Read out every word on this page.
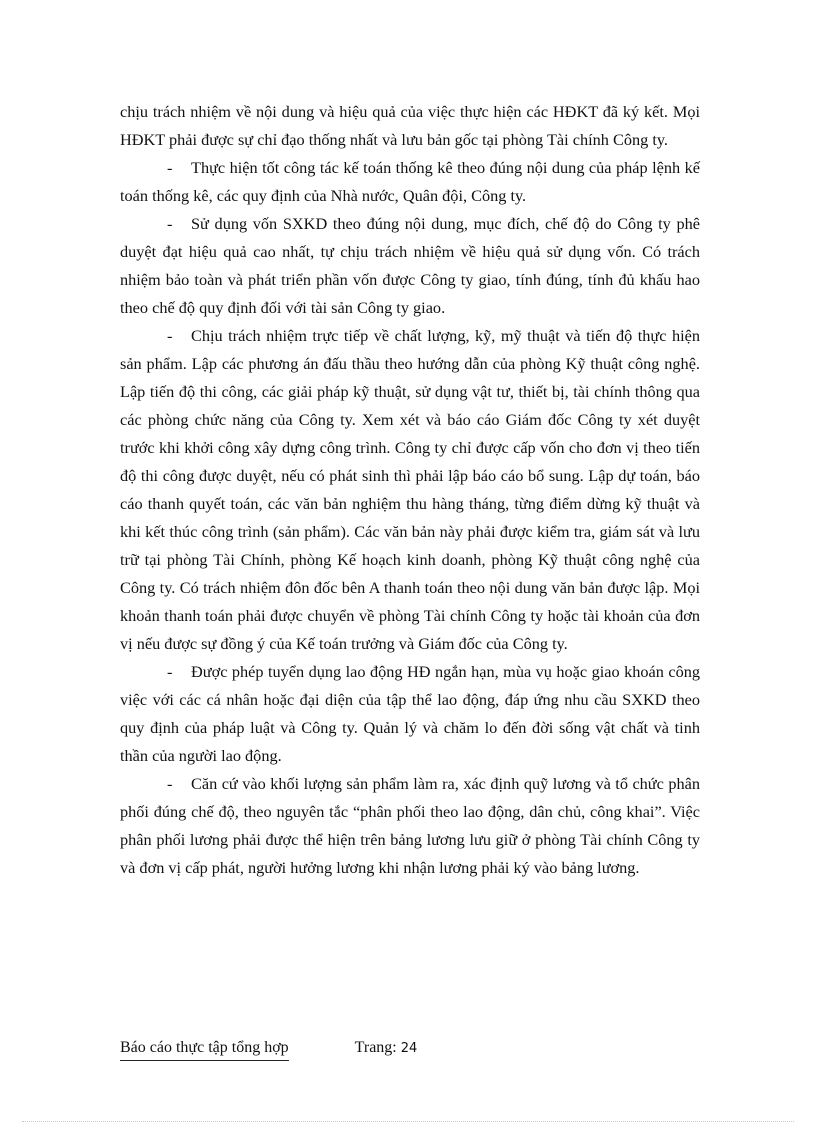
chịu trách nhiệm về nội dung và hiệu quả của việc thực hiện các HĐKT đã ký kết. Mọi HĐKT phải được sự chỉ đạo thống nhất và lưu bản gốc tại phòng Tài chính Công ty.

- Thực hiện tốt công tác kế toán thống kê theo đúng nội dung của pháp lệnh kế toán thống kê, các quy định của Nhà nước, Quân đội, Công ty.

- Sử dụng vốn SXKD theo đúng nội dung, mục đích, chế độ do Công ty phê duyệt đạt hiệu quả cao nhất, tự chịu trách nhiệm về hiệu quả sử dụng vốn. Có trách nhiệm bảo toàn và phát triển phần vốn được Công ty giao, tính đúng, tính đủ khấu hao theo chế độ quy định đối với tài sản Công ty giao.

- Chịu trách nhiệm trực tiếp về chất lượng, kỹ, mỹ thuật và tiến độ thực hiện sản phẩm. Lập các phương án đấu thầu theo hướng dẫn của phòng Kỹ thuật công nghệ. Lập tiến độ thi công, các giải pháp kỹ thuật, sử dụng vật tư, thiết bị, tài chính thông qua các phòng chức năng của Công ty. Xem xét và báo cáo Giám đốc Công ty xét duyệt trước khi khởi công xây dựng công trình. Công ty chỉ được cấp vốn cho đơn vị theo tiến độ thi công được duyệt, nếu có phát sinh thì phải lập báo cáo bổ sung. Lập dự toán, báo cáo thanh quyết toán, các văn bản nghiệm thu hàng tháng, từng điểm dừng kỹ thuật và khi kết thúc công trình (sản phẩm). Các văn bản này phải được kiểm tra, giám sát và lưu trữ tại phòng Tài Chính, phòng Kế hoạch kinh doanh, phòng Kỹ thuật công nghệ của Công ty. Có trách nhiệm đôn đốc bên A thanh toán theo nội dung văn bản được lập. Mọi khoản thanh toán phải được chuyển về phòng Tài chính Công ty hoặc tài khoản của đơn vị nếu được sự đồng ý của Kế toán trưởng và Giám đốc của Công ty.

- Được phép tuyển dụng lao động HĐ ngắn hạn, mùa vụ hoặc giao khoán công việc với các cá nhân hoặc đại diện của tập thể lao động, đáp ứng nhu cầu SXKD theo quy định của pháp luật và Công ty. Quản lý và chăm lo đến đời sống vật chất và tinh thần của người lao động.

- Căn cứ vào khối lượng sản phẩm làm ra, xác định quỹ lương và tổ chức phân phối đúng chế độ, theo nguyên tắc “phân phối theo lao động, dân chủ, công khai”. Việc phân phối lương phải được thể hiện trên bảng lương lưu giữ ở phòng Tài chính Công ty và đơn vị cấp phát, người hưởng lương khi nhận lương phải ký vào bảng lương.

Báo cáo thực tập tổng hợp	Trang: 24
